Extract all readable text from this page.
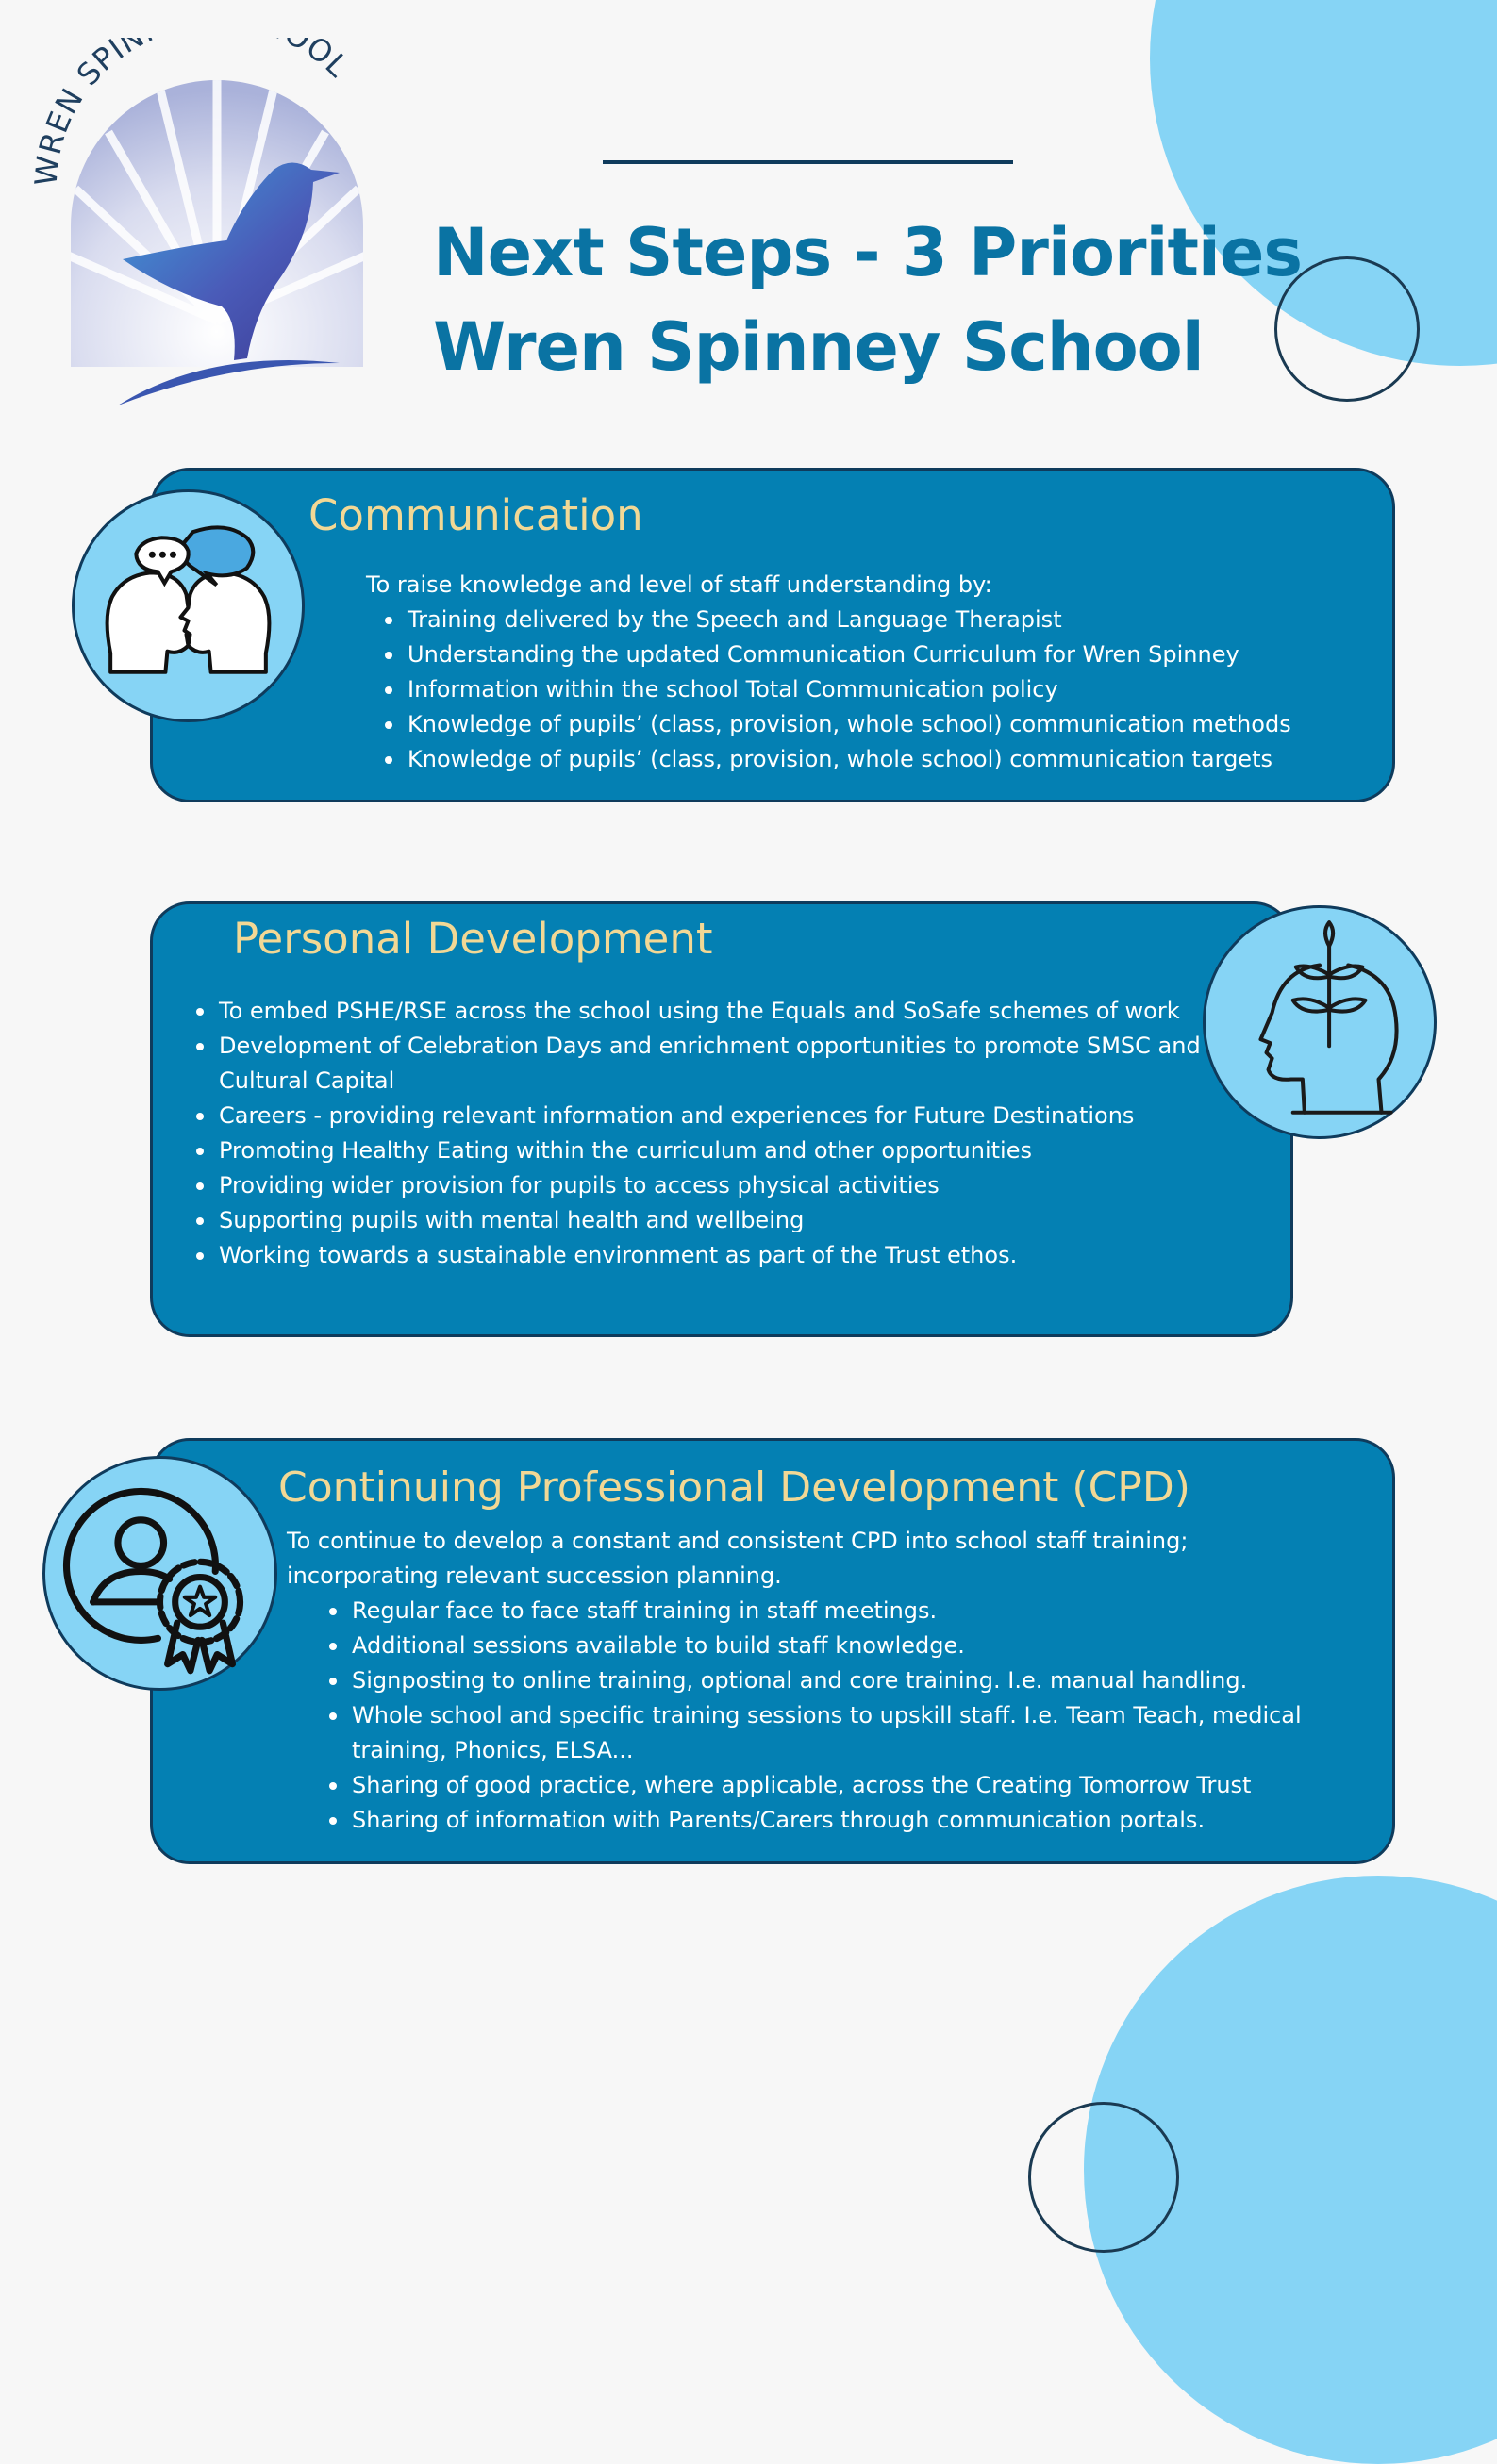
WREN SPIN OL
Next Steps - 3 Priorities
Wren Spinney School
Communication

To raise knowledge and level of staff understanding by:

Training delivered by the Speech and Language Therapist
Understanding the updated Communication Curriculum for Wren Spinney
Information within the school Total Communication policy
Knowledge of pupils’ (class, provision, whole school) communication methods
Knowledge of pupils’ (class, provision, whole school) communication targets
Personal Development
To embed PSHE/RSE across the school using the Equals and SoSafe schemes of work
Development of Celebration Days and enrichment opportunities to promote SMSC and Cultural Capital
Careers - providing relevant information and experiences for Future Destinations
Promoting Healthy Eating within the curriculum and other opportunities
Providing wider provision for pupils to access physical activities
Supporting pupils with mental health and wellbeing
Working towards a sustainable environment as part of the Trust ethos.
Continuing Professional Development (CPD)

To continue to develop a constant and consistent CPD into school staff training; incorporating relevant succession planning.

Regular face to face staff training in staff meetings.
Additional sessions available to build staff knowledge.
Signposting to online training, optional and core training. I.e. manual handling.
Whole school and specific training sessions to upskill staff. I.e. Team Teach, medical training, Phonics, ELSA...
Sharing of good practice, where applicable, across the Creating Tomorrow Trust
Sharing of information with Parents/Carers through communication portals.
